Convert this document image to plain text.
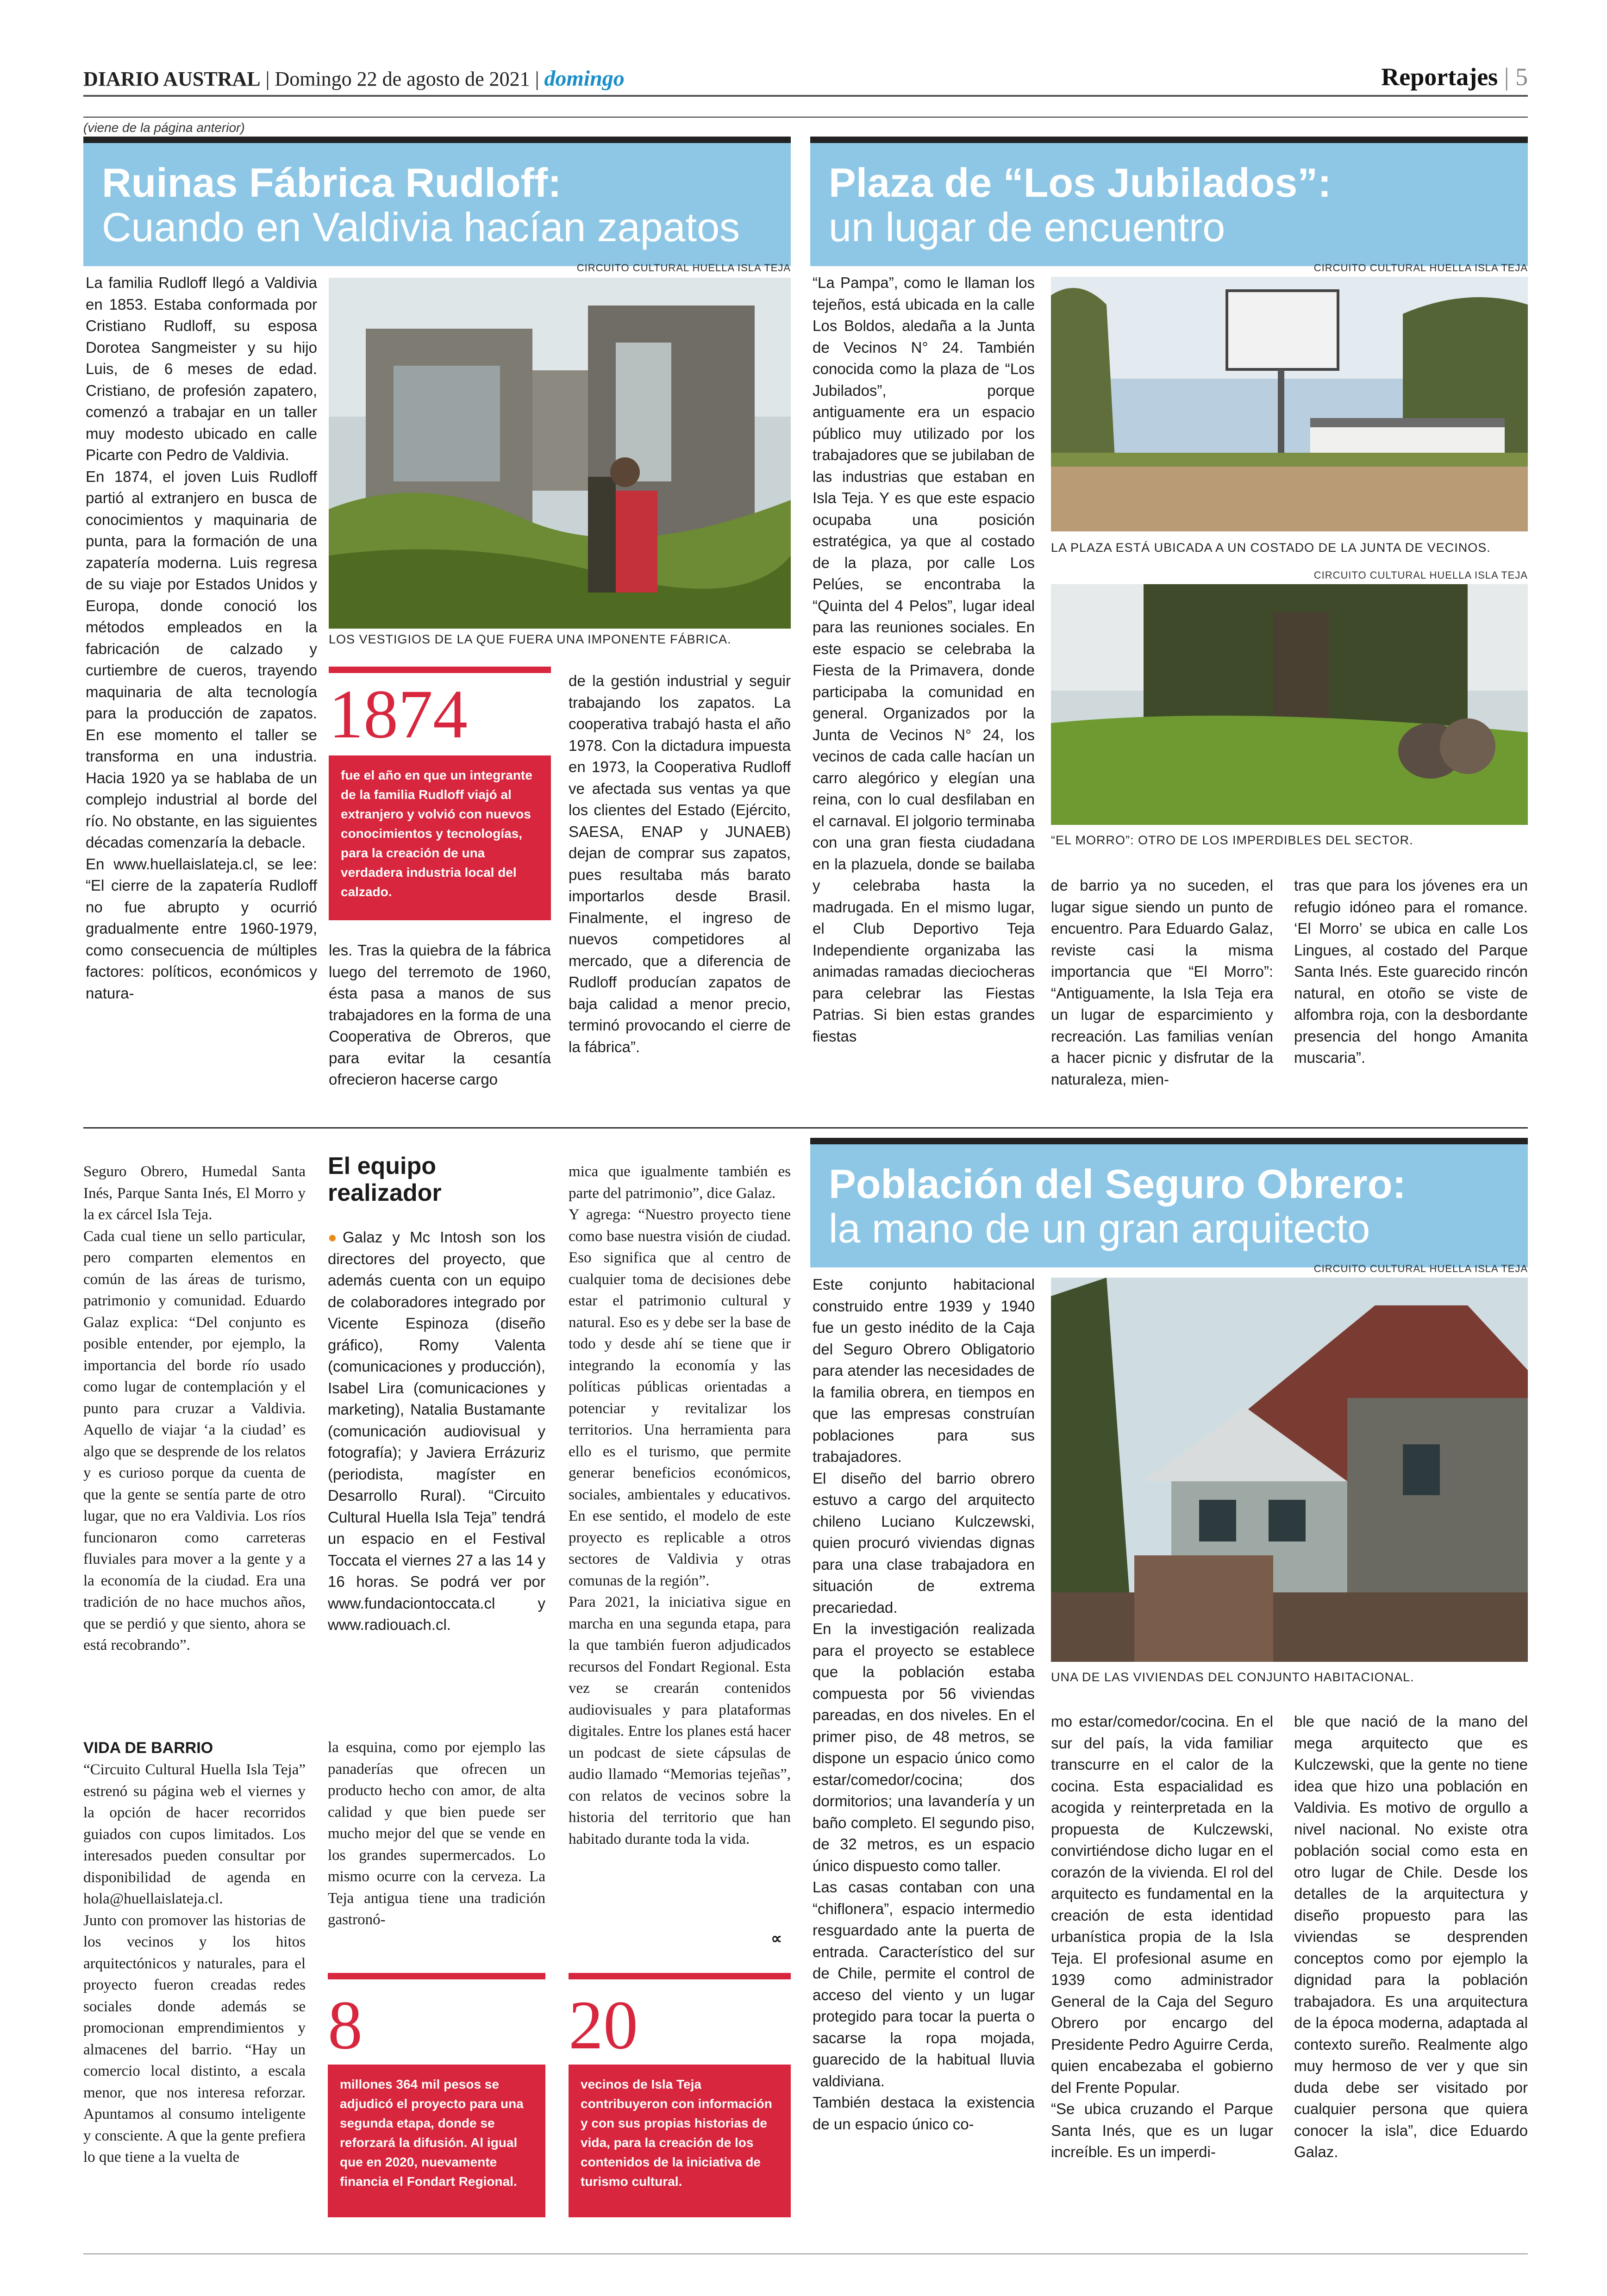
DIARIO AUSTRAL | Domingo 22 de agosto de 2021 | domingo	Reportajes | 5
(viene de la página anterior)
Ruinas Fábrica Rudloff:
Cuando en Valdivia hacían zapatos
CIRCUITO CULTURAL HUELLA ISLA TEJA
LOS VESTIGIOS DE LA QUE FUERA UNA IMPONENTE FÁBRICA.
La familia Rudloff llegó a Valdivia en 1853. Estaba conformada por Cristiano Rudloff, su esposa Dorotea Sangmeister y su hijo Luis, de 6 meses de edad. Cristiano, de profesión zapatero, comenzó a trabajar en un taller muy modesto ubicado en calle Picarte con Pedro de Valdivia.
En 1874, el joven Luis Rudloff partió al extranjero en busca de conocimientos y maquinaria de punta, para la formación de una zapatería moderna. Luis regresa de su viaje por Estados Unidos y Europa, donde conoció los métodos empleados en la fabricación de calzado y curtiembre de cueros, trayendo maquinaria de alta tecnología para la producción de zapatos. En ese momento el taller se transforma en una industria. Hacia 1920 ya se hablaba de un complejo industrial al borde del río. No obstante, en las siguientes décadas comenzaría la debacle.
En www.huellaislateja.cl, se lee: “El cierre de la zapatería Rudloff no fue abrupto y ocurrió gradualmente entre 1960-1979, como consecuencia de múltiples factores: políticos, económicos y natura-
1874
fue el año en que un integrante de la familia Rudloff viajó al extranjero y volvió con nuevos conocimientos y tecnologías, para la creación de una verdadera industria local del calzado.
les. Tras la quiebra de la fábrica luego del terremoto de 1960, ésta pasa a manos de sus trabajadores en la forma de una Cooperativa de Obreros, que para evitar la cesantía ofrecieron hacerse cargo
de la gestión industrial y seguir trabajando los zapatos. La cooperativa trabajó hasta el año 1978. Con la dictadura impuesta en 1973, la Cooperativa Rudloff ve afectada sus ventas ya que los clientes del Estado (Ejército, SAESA, ENAP y JUNAEB) dejan de comprar sus zapatos, pues resultaba más barato importarlos desde Brasil. Finalmente, el ingreso de nuevos competidores al mercado, que a diferencia de Rudloff producían zapatos de baja calidad a menor precio, terminó provocando el cierre de la fábrica”.
Plaza de “Los Jubilados”:
un lugar de encuentro
“La Pampa”, como le llaman los tejeños, está ubicada en la calle Los Boldos, aledaña a la Junta de Vecinos N° 24. También conocida como la plaza de “Los Jubilados”, porque antiguamente era un espacio público muy utilizado por los trabajadores que se jubilaban de las industrias que estaban en Isla Teja. Y es que este espacio ocupaba una posición estratégica, ya que al costado de la plaza, por calle Los Pelúes, se encontraba la “Quinta del 4 Pelos”, lugar ideal para las reuniones sociales. En este espacio se celebraba la Fiesta de la Primavera, donde participaba la comunidad en general. Organizados por la Junta de Vecinos N° 24, los vecinos de cada calle hacían un carro alegórico y elegían una reina, con lo cual desfilaban en el carnaval. El jolgorio terminaba con una gran fiesta ciudadana en la plazuela, donde se bailaba y celebraba hasta la madrugada. En el mismo lugar, el Club Deportivo Teja Independiente organizaba las animadas ramadas dieciocheras para celebrar las Fiestas Patrias. Si bien estas grandes fiestas
CIRCUITO CULTURAL HUELLA ISLA TEJA
LA PLAZA ESTÁ UBICADA A UN COSTADO DE LA JUNTA DE VECINOS.
CIRCUITO CULTURAL HUELLA ISLA TEJA
“EL MORRO”: OTRO DE LOS IMPERDIBLES DEL SECTOR.
de barrio ya no suceden, el lugar sigue siendo un punto de encuentro. Para Eduardo Galaz, reviste casi la misma importancia que “El Morro”: “Antiguamente, la Isla Teja era un lugar de esparcimiento y recreación. Las familias venían a hacer picnic y disfrutar de la naturaleza, mien-
tras que para los jóvenes era un refugio idóneo para el romance. ‘El Morro’ se ubica en calle Los Lingues, al costado del Parque Santa Inés. Este guarecido rincón natural, en otoño se viste de alfombra roja, con la desbordante presencia del hongo Amanita muscaria”.
Seguro Obrero, Humedal Santa Inés, Parque Santa Inés, El Morro y la ex cárcel Isla Teja.
Cada cual tiene un sello particular, pero comparten elementos en común de las áreas de turismo, patrimonio y comunidad. Eduardo Galaz explica: “Del conjunto es posible entender, por ejemplo, la importancia del borde río usado como lugar de contemplación y el punto para cruzar a Valdivia. Aquello de viajar ‘a la ciudad’ es algo que se desprende de los relatos y es curioso porque da cuenta de que la gente se sentía parte de otro lugar, que no era Valdivia. Los ríos funcionaron como carreteras fluviales para mover a la gente y a la economía de la ciudad. Era una tradición de no hace muchos años, que se perdió y que siento, ahora se está recobrando”.
VIDA DE BARRIO
“Circuito Cultural Huella Isla Teja” estrenó su página web el viernes y la opción de hacer recorridos guiados con cupos limitados. Los interesados pueden consultar por disponibilidad de agenda en hola@huellaislateja.cl.
Junto con promover las historias de los vecinos y los hitos arquitectónicos y naturales, para el proyecto fueron creadas redes sociales donde además se promocionan emprendimientos y almacenes del barrio. “Hay un comercio local distinto, a escala menor, que nos interesa reforzar. Apuntamos al consumo inteligente y consciente. A que la gente prefiera lo que tiene a la vuelta de
El equipo realizador
●Galaz y Mc Intosh son los directores del proyecto, que además cuenta con un equipo de colaboradores integrado por Vicente Espinoza (diseño gráfico), Romy Valenta (comunicaciones y producción), Isabel Lira (comunicaciones y marketing), Natalia Bustamante (comunicación audiovisual y fotografía); y Javiera Errázuriz (periodista, magíster en Desarrollo Rural). “Circuito Cultural Huella Isla Teja” tendrá un espacio en el Festival Toccata el viernes 27 a las 14 y 16 horas. Se podrá ver por www.fundaciontoccata.cl y www.radiouach.cl.
la esquina, como por ejemplo las panaderías que ofrecen un producto hecho con amor, de alta calidad y que bien puede ser mucho mejor del que se vende en los grandes supermercados. Lo mismo ocurre con la cerveza. La Teja antigua tiene una tradición gastronó-
mica que igualmente también es parte del patrimonio”, dice Galaz.
Y agrega: “Nuestro proyecto tiene como base nuestra visión de ciudad. Eso significa que al centro de cualquier toma de decisiones debe estar el patrimonio cultural y natural. Eso es y debe ser la base de todo y desde ahí se tiene que ir integrando la economía y las políticas públicas orientadas a potenciar y revitalizar los territorios. Una herramienta para ello es el turismo, que permite generar beneficios económicos, sociales, ambientales y educativos. En ese sentido, el modelo de este proyecto es replicable a otros sectores de Valdivia y otras comunas de la región”.
Para 2021, la iniciativa sigue en marcha en una segunda etapa, para la que también fueron adjudicados recursos del Fondart Regional. Esta vez se crearán contenidos audiovisuales y para plataformas digitales. Entre los planes está hacer un podcast de siete cápsulas de audio llamado “Memorias tejeñas”, con relatos de vecinos sobre la historia del territorio que han habitado durante toda la vida.
∝
8
millones 364 mil pesos se adjudicó el proyecto para una segunda etapa, donde se reforzará la difusión. Al igual que en 2020, nuevamente financia el Fondart Regional.
20
vecinos de Isla Teja contribuyeron con información y con sus propias historias de vida, para la creación de los contenidos de la iniciativa de turismo cultural.
Población del Seguro Obrero:
la mano de un gran arquitecto
Este conjunto habitacional construido entre 1939 y 1940 fue un gesto inédito de la Caja del Seguro Obrero Obligatorio para atender las necesidades de la familia obrera, en tiempos en que las empresas construían poblaciones para sus trabajadores.
El diseño del barrio obrero estuvo a cargo del arquitecto chileno Luciano Kulczewski, quien procuró viviendas dignas para una clase trabajadora en situación de extrema precariedad.
En la investigación realizada para el proyecto se establece que la población estaba compuesta por 56 viviendas pareadas, en dos niveles. En el primer piso, de 48 metros, se dispone un espacio único como estar/comedor/cocina; dos dormitorios; una lavandería y un baño completo. El segundo piso, de 32 metros, es un espacio único dispuesto como taller.
Las casas contaban con una “chiflonera”, espacio intermedio resguardado ante la puerta de entrada. Característico del sur de Chile, permite el control de acceso del viento y un lugar protegido para tocar la puerta o sacarse la ropa mojada, guarecido de la habitual lluvia valdiviana.
También destaca la existencia de un espacio único co-
CIRCUITO CULTURAL HUELLA ISLA TEJA
UNA DE LAS VIVIENDAS DEL CONJUNTO HABITACIONAL.
mo estar/comedor/cocina. En el sur del país, la vida familiar transcurre en el calor de la cocina. Esta espacialidad es acogida y reinterpretada en la propuesta de Kulczewski, convirtiéndose dicho lugar en el corazón de la vivienda. El rol del arquitecto es fundamental en la creación de esta identidad urbanística propia de la Isla Teja. El profesional asume en 1939 como administrador General de la Caja del Seguro Obrero por encargo del Presidente Pedro Aguirre Cerda, quien encabezaba el gobierno del Frente Popular.
“Se ubica cruzando el Parque Santa Inés, que es un lugar increíble. Es un imperdi-
ble que nació de la mano del mega arquitecto que es Kulczewski, que la gente no tiene idea que hizo una población en Valdivia. Es motivo de orgullo a nivel nacional. No existe otra población social como esta en otro lugar de Chile. Desde los detalles de la arquitectura y diseño propuesto para las viviendas se desprenden conceptos como por ejemplo la dignidad para la población trabajadora. Es una arquitectura de la época moderna, adaptada al contexto sureño. Realmente algo muy hermoso de ver y que sin duda debe ser visitado por cualquier persona que quiera conocer la isla”, dice Eduardo Galaz.
